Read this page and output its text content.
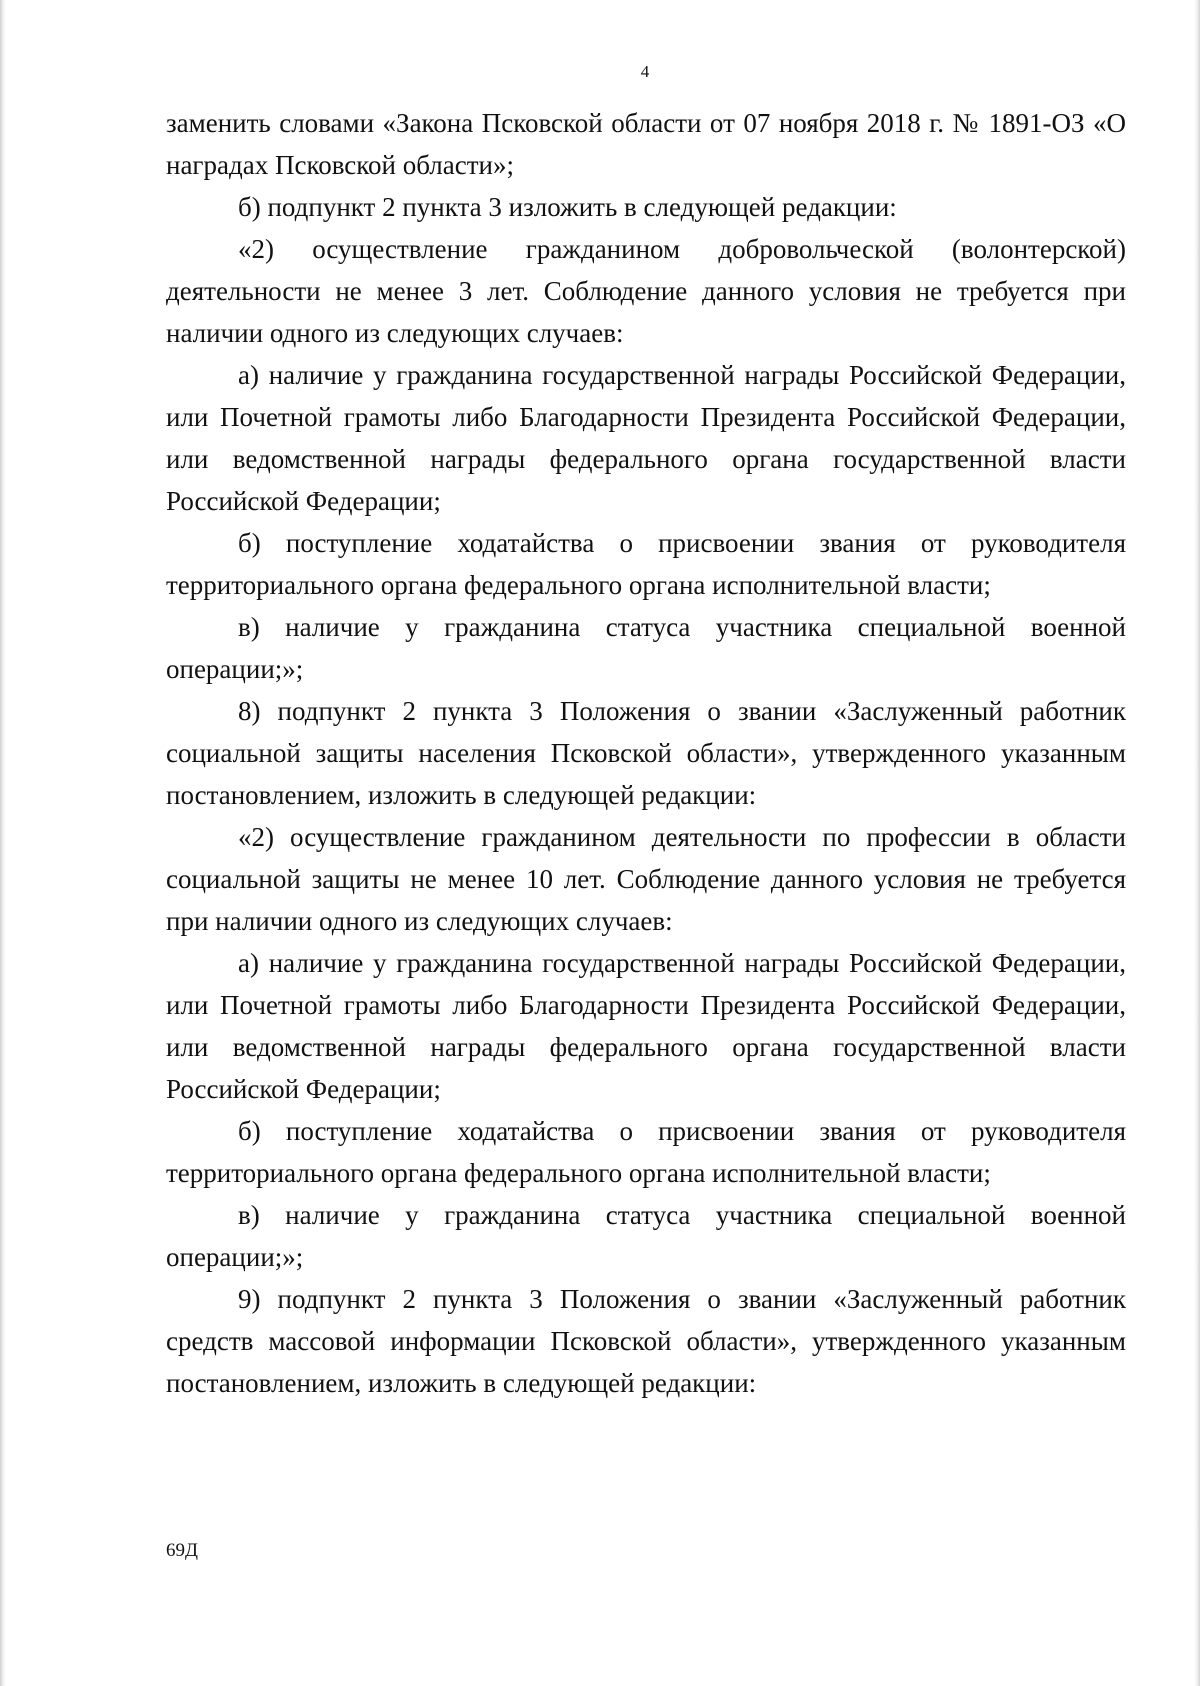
4

заменить словами «Закона Псковской области от 07 ноября 2018 г. № 1891-ОЗ «О наградах Псковской области»;

б) подпункт 2 пункта 3 изложить в следующей редакции:

«2) осуществление гражданином добровольческой (волонтерской) деятельности не менее 3 лет. Соблюдение данного условия не требуется при наличии одного из следующих случаев:

а) наличие у гражданина государственной награды Российской Федерации, или Почетной грамоты либо Благодарности Президента Российской Федерации, или ведомственной награды федерального органа государственной власти Российской Федерации;

б) поступление ходатайства о присвоении звания от руководителя территориального органа федерального органа исполнительной власти;

в) наличие у гражданина статуса участника специальной военной операции;»;

8) подпункт 2 пункта 3 Положения о звании «Заслуженный работник социальной защиты населения Псковской области», утвержденного указанным постановлением, изложить в следующей редакции:

«2) осуществление гражданином деятельности по профессии в области социальной защиты не менее 10 лет. Соблюдение данного условия не требуется при наличии одного из следующих случаев:

а) наличие у гражданина государственной награды Российской Федерации, или Почетной грамоты либо Благодарности Президента Российской Федерации, или ведомственной награды федерального органа государственной власти Российской Федерации;

б) поступление ходатайства о присвоении звания от руководителя территориального органа федерального органа исполнительной власти;

в) наличие у гражданина статуса участника специальной военной операции;»;

9) подпункт 2 пункта 3 Положения о звании «Заслуженный работник средств массовой информации Псковской области», утвержденного указанным постановлением, изложить в следующей редакции:

69Д
